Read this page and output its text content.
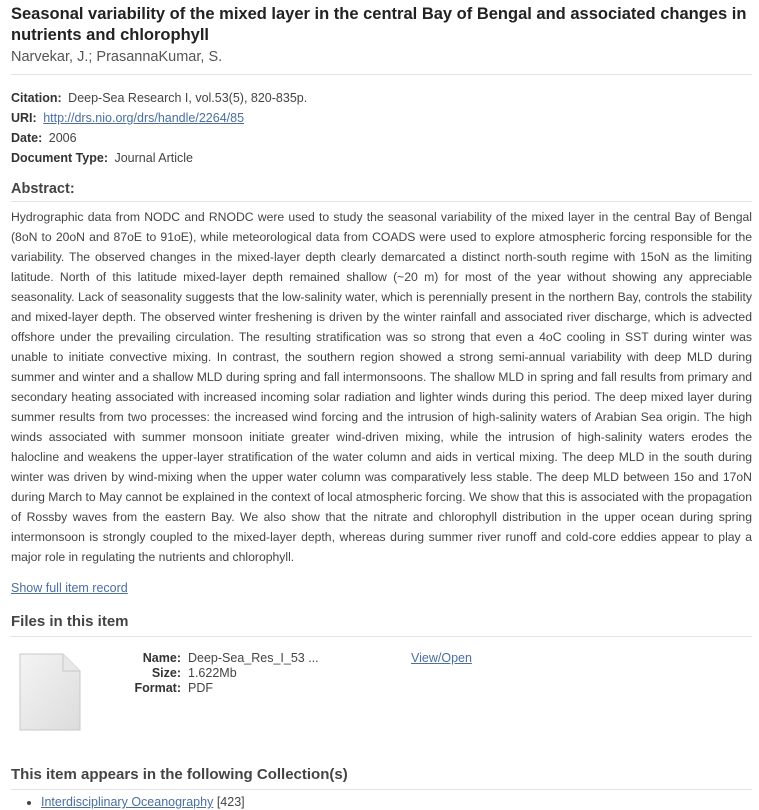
Seasonal variability of the mixed layer in the central Bay of Bengal and associated changes in nutrients and chlorophyll
Narvekar, J.; PrasannaKumar, S.
Citation: Deep-Sea Research I, vol.53(5), 820-835p.
URI: http://drs.nio.org/drs/handle/2264/85
Date: 2006
Document Type: Journal Article
Abstract:
Hydrographic data from NODC and RNODC were used to study the seasonal variability of the mixed layer in the central Bay of Bengal (8oN to 20oN and 87oE to 91oE), while meteorological data from COADS were used to explore atmospheric forcing responsible for the variability. The observed changes in the mixed-layer depth clearly demarcated a distinct north-south regime with 15oN as the limiting latitude. North of this latitude mixed-layer depth remained shallow (~20 m) for most of the year without showing any appreciable seasonality. Lack of seasonality suggests that the low-salinity water, which is perennially present in the northern Bay, controls the stability and mixed-layer depth. The observed winter freshening is driven by the winter rainfall and associated river discharge, which is advected offshore under the prevailing circulation. The resulting stratification was so strong that even a 4oC cooling in SST during winter was unable to initiate convective mixing. In contrast, the southern region showed a strong semi-annual variability with deep MLD during summer and winter and a shallow MLD during spring and fall intermonsoons. The shallow MLD in spring and fall results from primary and secondary heating associated with increased incoming solar radiation and lighter winds during this period. The deep mixed layer during summer results from two processes: the increased wind forcing and the intrusion of high-salinity waters of Arabian Sea origin. The high winds associated with summer monsoon initiate greater wind-driven mixing, while the intrusion of high-salinity waters erodes the halocline and weakens the upper-layer stratification of the water column and aids in vertical mixing. The deep MLD in the south during winter was driven by wind-mixing when the upper water column was comparatively less stable. The deep MLD between 15o and 17oN during March to May cannot be explained in the context of local atmospheric forcing. We show that this is associated with the propagation of Rossby waves from the eastern Bay. We also show that the nitrate and chlorophyll distribution in the upper ocean during spring intermonsoon is strongly coupled to the mixed-layer depth, whereas during summer river runoff and cold-core eddies appear to play a major role in regulating the nutrients and chlorophyll.
Show full item record
Files in this item
Name: Deep-Sea_Res_I_53 ...
Size: 1.622Mb
Format: PDF
View/Open
This item appears in the following Collection(s)
• Interdisciplinary Oceanography [423]
